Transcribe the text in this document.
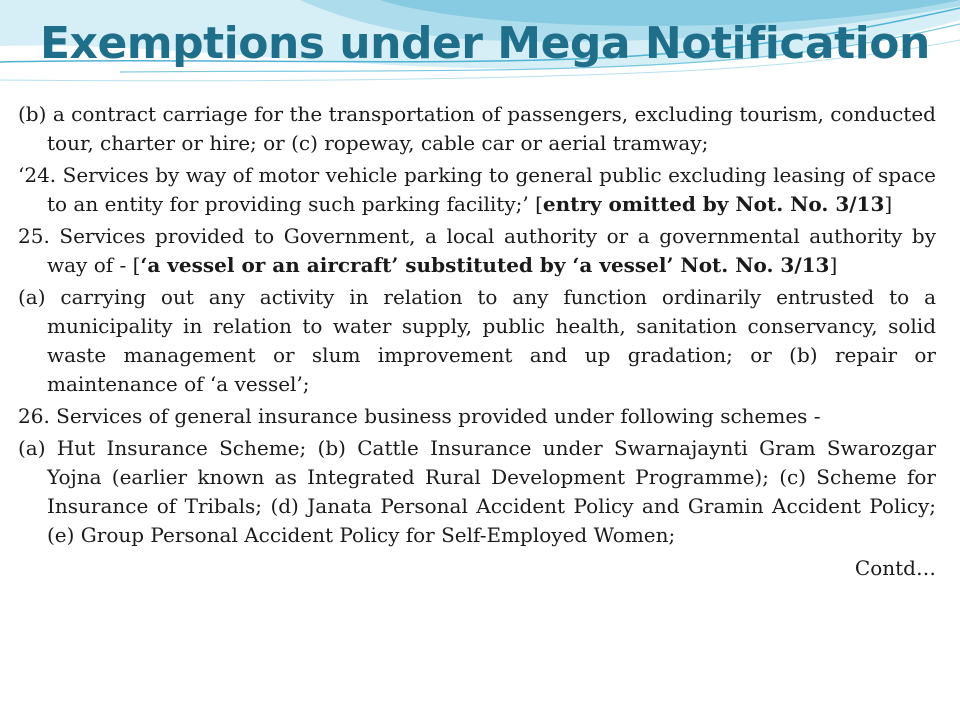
Exemptions under Mega Notification

(b) a contract carriage for the transportation of passengers, excluding tourism, conducted tour, charter or hire; or (c) ropeway, cable car or aerial tramway;

‘24. Services by way of motor vehicle parking to general public excluding leasing of space to an entity for providing such parking facility;’ [entry omitted by Not. No. 3/13]

25. Services provided to Government, a local authority or a governmental authority by way of - [‘a vessel or an aircraft’ substituted by ‘a vessel’ Not. No. 3/13]

(a) carrying out any activity in relation to any function ordinarily entrusted to a municipality in relation to water supply, public health, sanitation conservancy, solid waste management or slum improvement and up gradation; or (b) repair or maintenance of ‘a vessel’;

26. Services of general insurance business provided under following schemes -

(a) Hut Insurance Scheme; (b) Cattle Insurance under Swarnajaynti Gram Swarozgar Yojna (earlier known as Integrated Rural Development Programme); (c) Scheme for Insurance of Tribals; (d) Janata Personal Accident Policy and Gramin Accident Policy; (e) Group Personal Accident Policy for Self-Employed Women;

Contd…
